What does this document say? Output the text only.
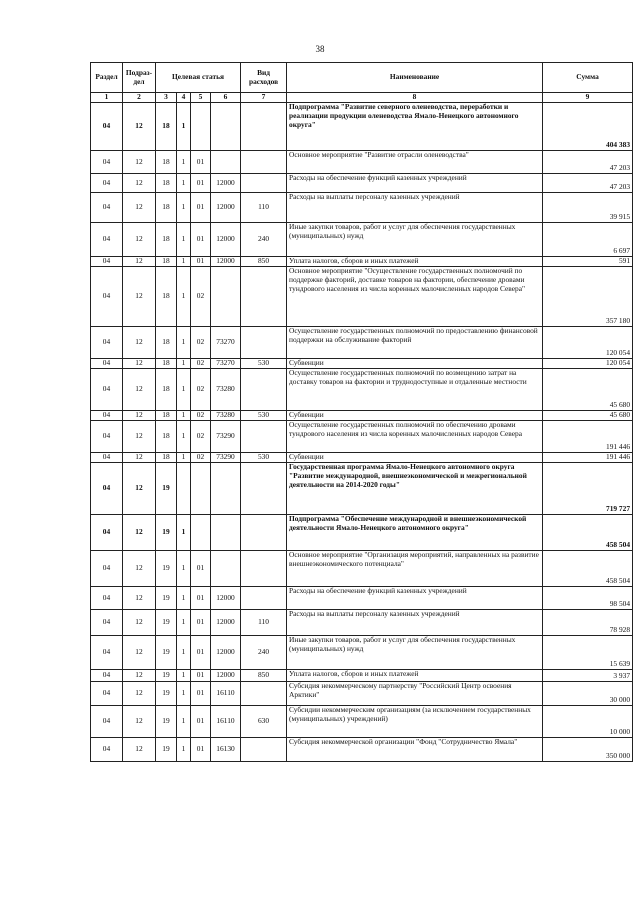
38
Раздел	Подраз-дел	Целевая статья				Вид расходов	Наименование	Сумма
1	2	3	4	5	6	7	8	9
04	12	18	1				Подпрограмма "Развитие северного оленеводства, переработки и реализации продукции оленеводства Ямало-Ненецкого автономного округа"	404 383
04	12	18	1	01			Основное мероприятие "Развитие отрасли оленеводства"	47 203
04	12	18	1	01	12000		Расходы на обеспечение функций казенных учреждений	47 203
04	12	18	1	01	12000	110	Расходы на выплаты персоналу казенных учреждений	39 915
04	12	18	1	01	12000	240	Иные закупки товаров, работ и услуг для обеспечения государственных (муниципальных) нужд	6 697
04	12	18	1	01	12000	850	Уплата налогов, сборов и иных платежей	591
04	12	18	1	02			Основное мероприятие "Осуществление государственных полномочий по поддержке факторий, доставке товаров на фактории, обеспечение дровами тундрового населения из числа коренных малочисленных народов Севера"	357 180
04	12	18	1	02	73270		Осуществление государственных полномочий по предоставлению финансовой поддержки на обслуживание факторий	120 054
04	12	18	1	02	73270	530	Субвенции	120 054
04	12	18	1	02	73280		Осуществление государственных полномочий по возмещению затрат на доставку товаров на фактории и труднодоступные и отдаленные местности	45 680
04	12	18	1	02	73280	530	Субвенции	45 680
04	12	18	1	02	73290		Осуществление государственных полномочий по обеспечению дровами тундрового населения из числа коренных малочисленных народов Севера	191 446
04	12	18	1	02	73290	530	Субвенции	191 446
04	12	19					Государственная программа Ямало-Ненецкого автономного округа "Развитие международной, внешнеэкономической и межрегиональной деятельности на 2014-2020 годы"	719 727
04	12	19	1				Подпрограмма "Обеспечение международной и внешнеэкономической деятельности Ямало-Ненецкого автономного округа"	458 504
04	12	19	1	01			Основное мероприятие "Организация мероприятий, направленных на развитие внешнеэкономического потенциала"	458 504
04	12	19	1	01	12000		Расходы на обеспечение функций казенных учреждений	98 504
04	12	19	1	01	12000	110	Расходы на выплаты персоналу казенных учреждений	78 928
04	12	19	1	01	12000	240	Иные закупки товаров, работ и услуг для обеспечения государственных (муниципальных) нужд	15 639
04	12	19	1	01	12000	850	Уплата налогов, сборов и иных платежей	3 937
04	12	19	1	01	16110		Субсидия некоммерческому партнерству "Российский Центр освоения Арктики"	30 000
04	12	19	1	01	16110	630	Субсидии некоммерческим организациям (за исключением государственных (муниципальных) учреждений)	10 000
04	12	19	1	01	16130		Субсидия некоммерческой организации "Фонд "Сотрудничество Ямала"	350 000
